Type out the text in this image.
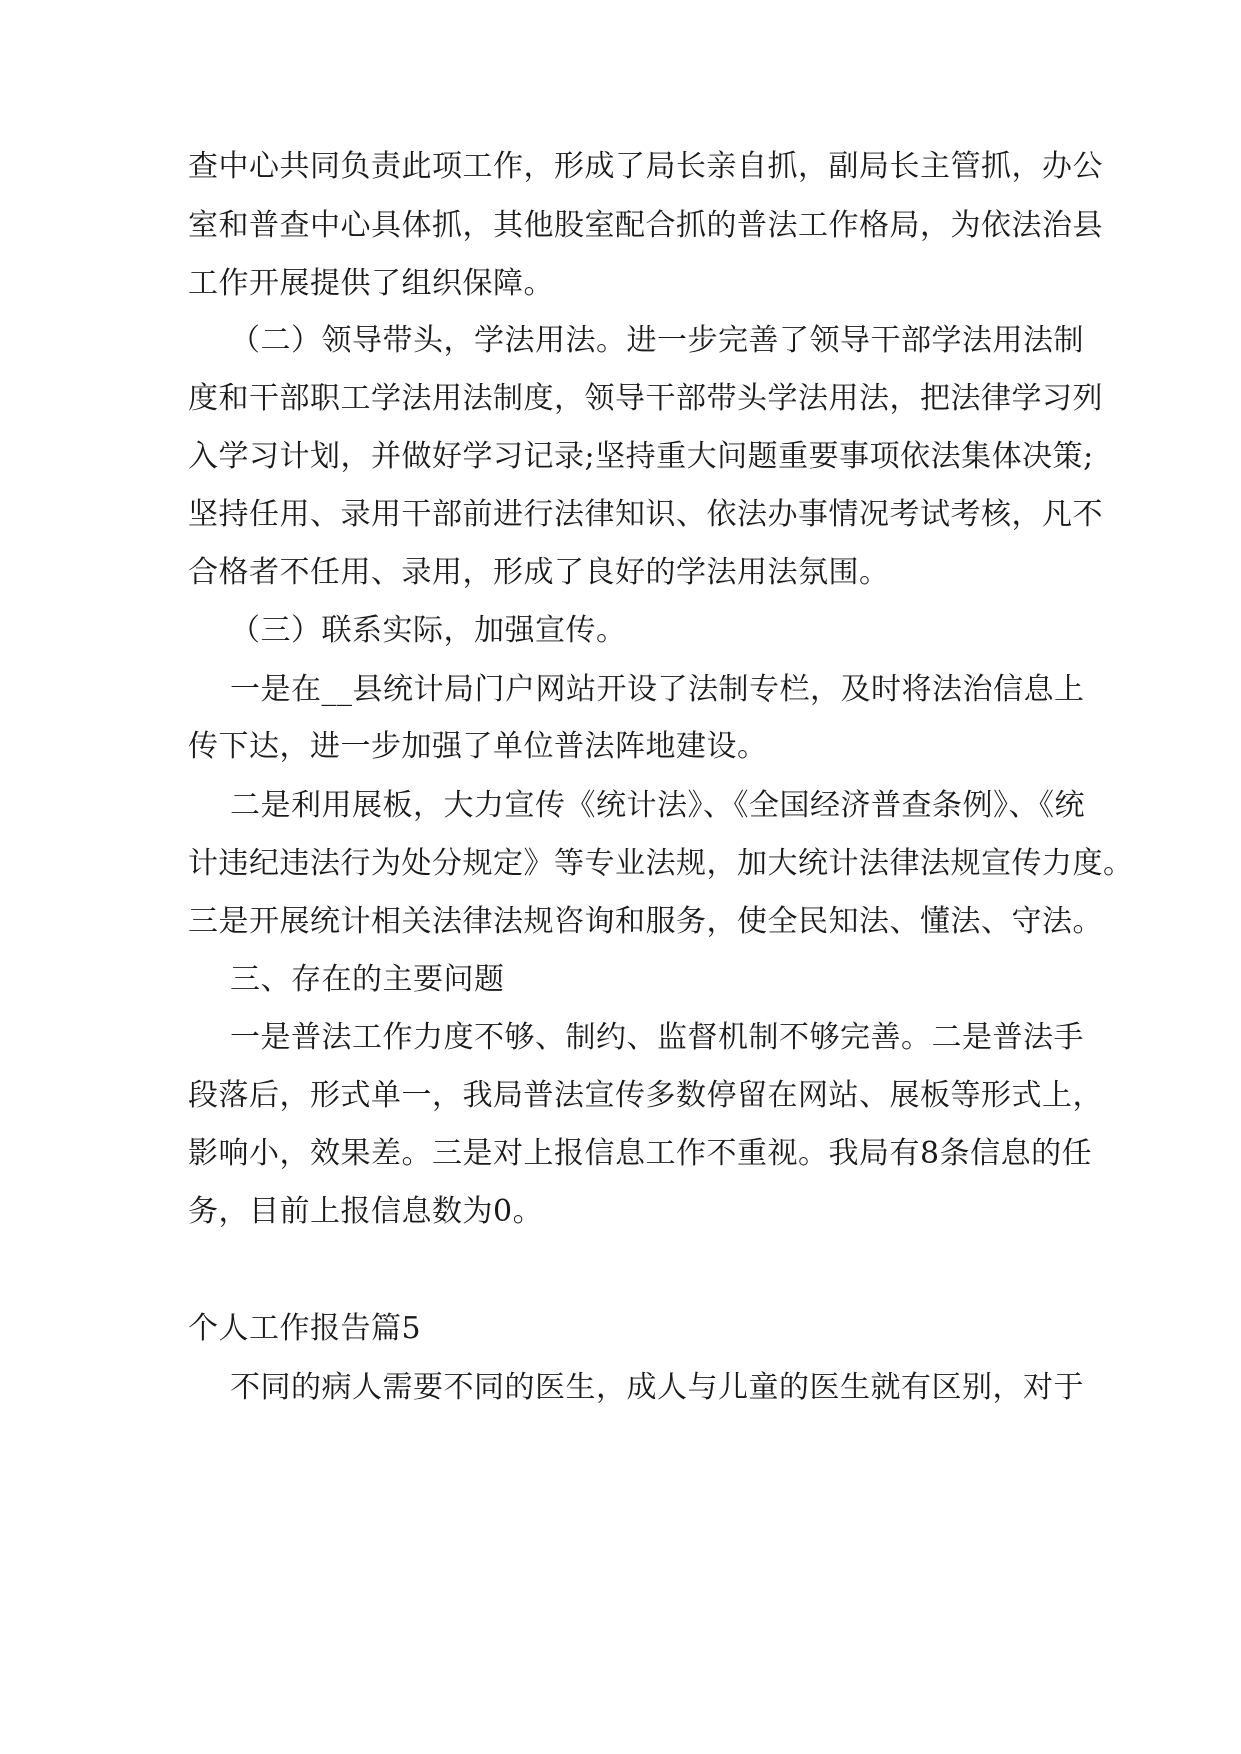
查中心共同负责此项工作，形成了局长亲自抓，副局长主管抓，办公

室和普查中心具体抓，其他股室配合抓的普法工作格局，为依法治县

工作开展提供了组织保障。

（二）领导带头，学法用法。进一步完善了领导干部学法用法制

度和干部职工学法用法制度，领导干部带头学法用法，把法律学习列

入学习计划，并做好学习记录;坚持重大问题重要事项依法集体决策;

坚持任用、录用干部前进行法律知识、依法办事情况考试考核，凡不

合格者不任用、录用，形成了良好的学法用法氛围。

（三）联系实际，加强宣传。

一是在__县统计局门户网站开设了法制专栏，及时将法治信息上

传下达，进一步加强了单位普法阵地建设。

二是利用展板，大力宣传《统计法》、《全国经济普查条例》、《统

计违纪违法行为处分规定》等专业法规，加大统计法律法规宣传力度。

三是开展统计相关法律法规咨询和服务，使全民知法、懂法、守法。

三、存在的主要问题

一是普法工作力度不够、制约、监督机制不够完善。二是普法手

段落后，形式单一，我局普法宣传多数停留在网站、展板等形式上，

影响小，效果差。三是对上报信息工作不重视。我局有8条信息的任

务，目前上报信息数为0。

个人工作报告篇5

不同的病人需要不同的医生，成人与儿童的医生就有区别，对于
